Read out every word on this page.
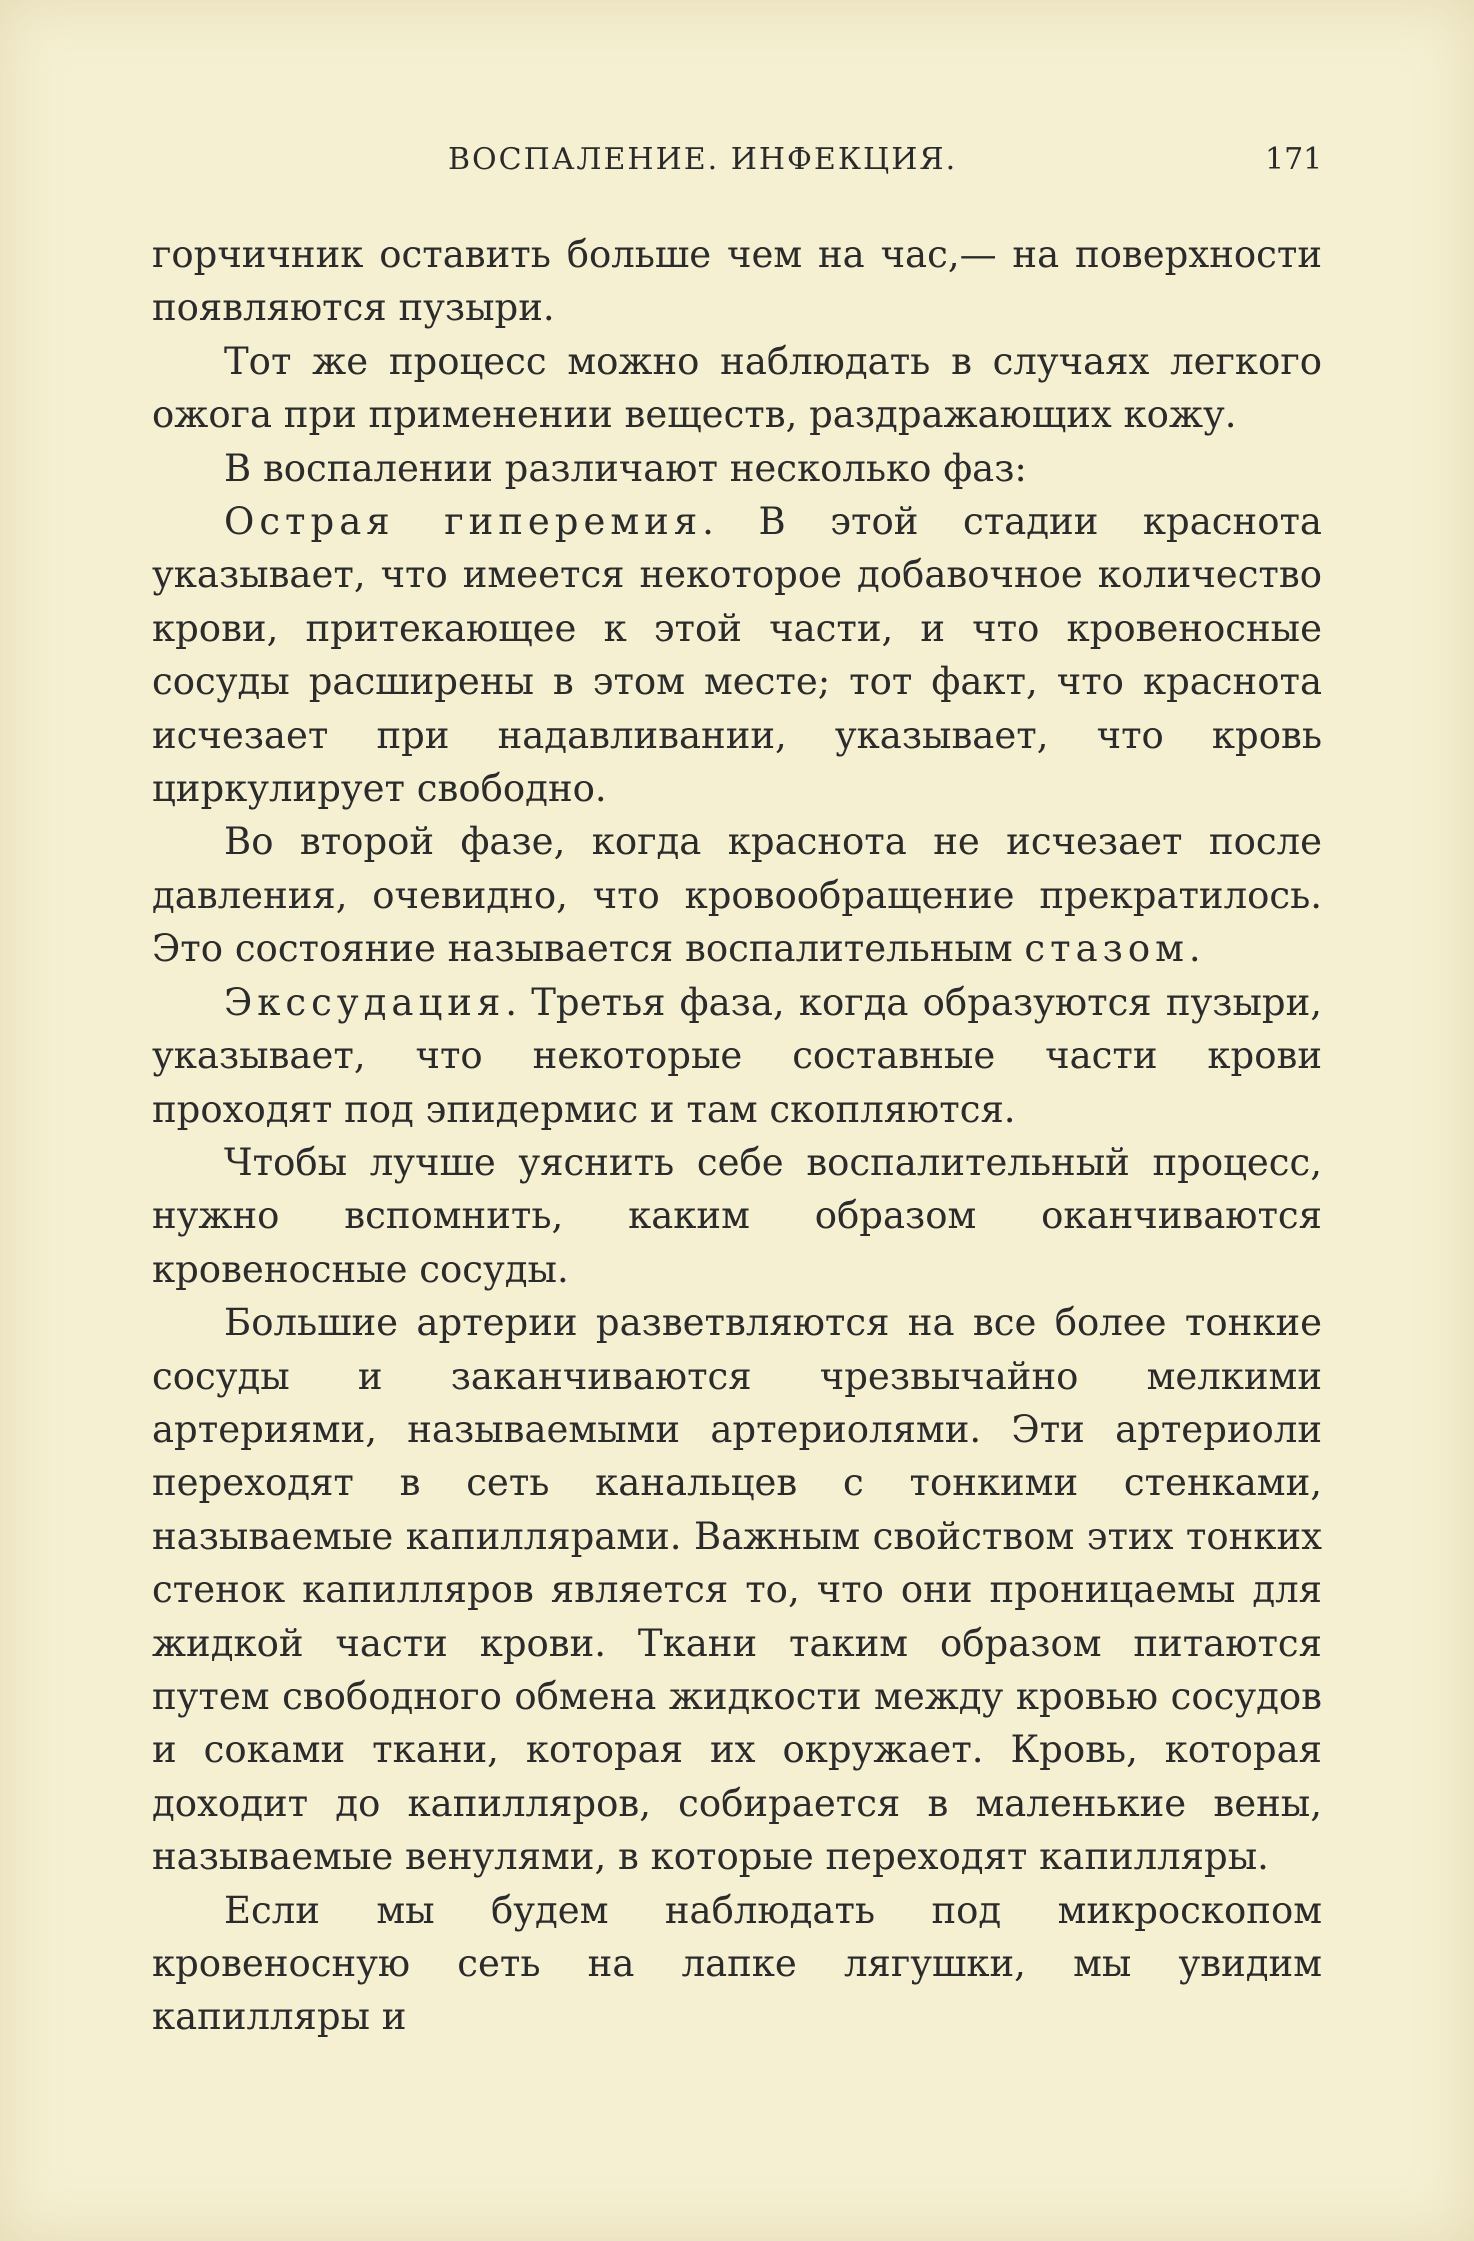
ВОСПАЛЕНИЕ. ИНФЕКЦИЯ.	171

горчичник оставить больше чем на час,— на поверхности появляются пузыри.

Тот же процесс можно наблюдать в случаях легкого ожога при применении веществ, раздражающих кожу.

В воспалении различают несколько фаз:

Острая гиперемия. В этой стадии краснота указывает, что имеется некоторое добавочное количество крови, притекающее к этой части, и что кровеносные сосуды расширены в этом месте; тот факт, что краснота исчезает при надавливании, указывает, что кровь циркулирует свободно.

Во второй фазе, когда краснота не исчезает после давления, очевидно, что кровообращение прекратилось. Это состояние называется воспалительным стазом.

Экссудация. Третья фаза, когда образуются пузыри, указывает, что некоторые составные части крови проходят под эпидермис и там скопляются.

Чтобы лучше уяснить себе воспалительный процесс, нужно вспомнить, каким образом оканчиваются кровеносные сосуды.

Большие артерии разветвляются на все более тонкие сосуды и заканчиваются чрезвычайно мелкими артериями, называемыми артериолями. Эти артериоли переходят в сеть канальцев с тонкими стенками, называемые капиллярами. Важным свойством этих тонких стенок капилляров является то, что они проницаемы для жидкой части крови. Ткани таким образом питаются путем свободного обмена жидкости между кровью сосудов и соками ткани, которая их окружает. Кровь, которая доходит до капилляров, собирается в маленькие вены, называемые венулями, в которые переходят капилляры.

Если мы будем наблюдать под микроскопом кровеносную сеть на лапке лягушки, мы увидим капилляры и
